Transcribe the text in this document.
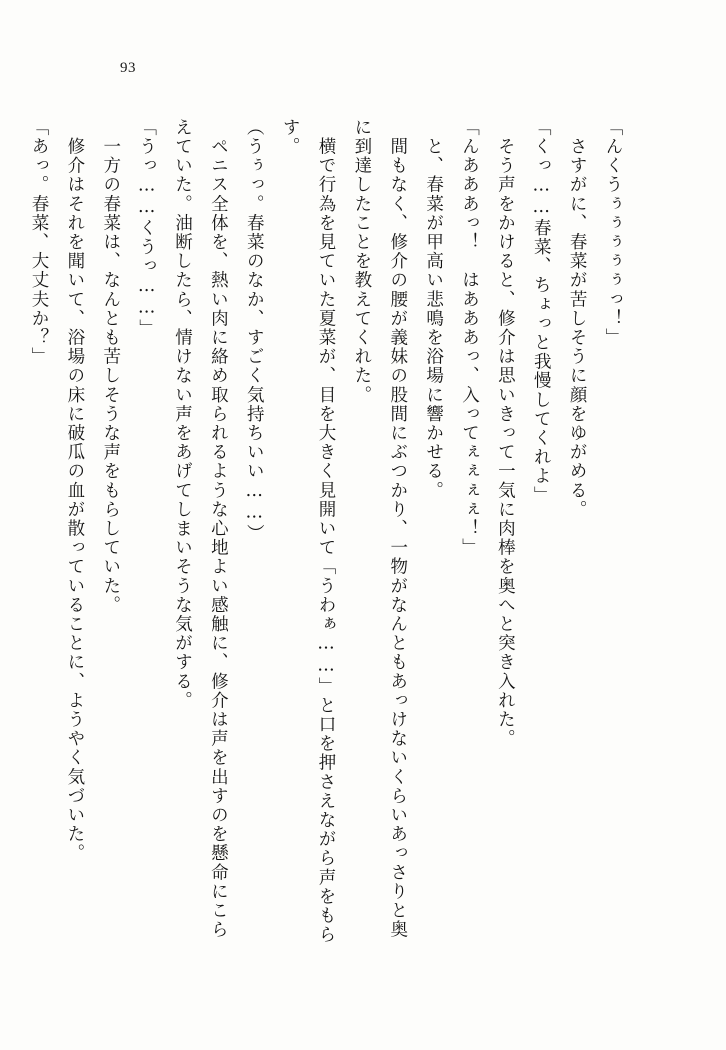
93

「んくうぅぅぅぅぅっ！」

　さすがに、春菜が苦しそうに顔をゆがめる。

「くっ……春菜、ちょっと我慢してくれよ」

　そう声をかけると、修介は思いきって一気に肉棒を奥へと突き入れた。

「んあああっ！　はあああっ、入ってぇぇぇぇ！」

　と、春菜が甲高い悲鳴を浴場に響かせる。

　間もなく、修介の腰が義妹の股間にぶつかり、一物がなんともあっけないくらいあっさりと奥に到達したことを教えてくれた。

　横で行為を見ていた夏菜が、目を大きく見開いて「うわぁ……」と口を押さえながら声をもらす。

（うぅっ。春菜のなか、すごく気持ちいい……）

　ペニス全体を、熱い肉に絡め取られるような心地よい感触に、修介は声を出すのを懸命にこらえていた。油断したら、情けない声をあげてしまいそうな気がする。

「うっ……くうっ……」

　一方の春菜は、なんとも苦しそうな声をもらしていた。

　修介はそれを聞いて、浴場の床に破瓜の血が散っていることに、ようやく気づいた。

「あっ。春菜、大丈夫か？」
